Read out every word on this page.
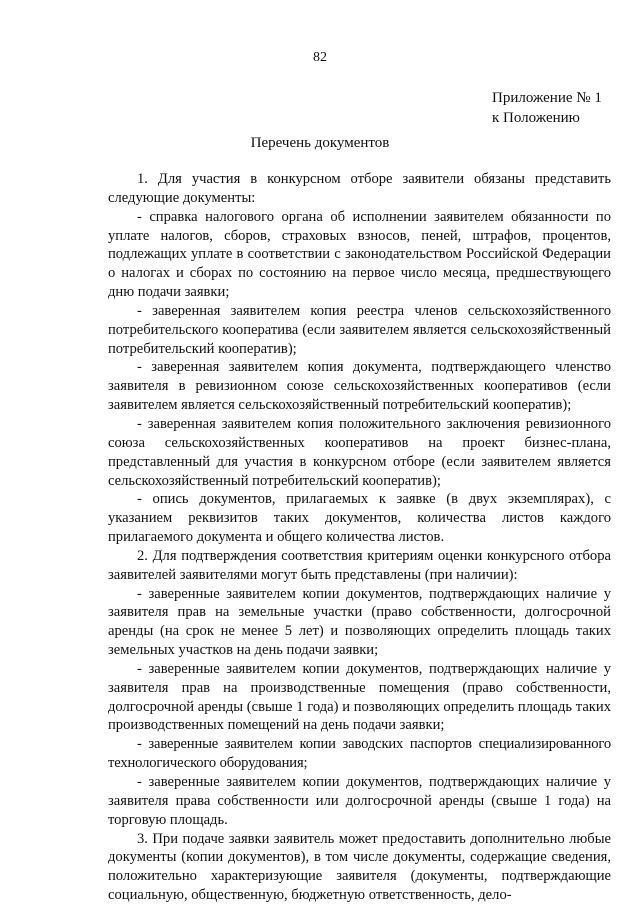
82
Приложение № 1
к Положению
Перечень документов

1. Для участия в конкурсном отборе заявители обязаны представить следующие документы:

- справка налогового органа об исполнении заявителем обязанности по уплате налогов, сборов, страховых взносов, пеней, штрафов, процентов, подлежащих уплате в соответствии с законодательством Российской Федерации о налогах и сборах по состоянию на первое число месяца, предшествующего дню подачи заявки;

- заверенная заявителем копия реестра членов сельскохозяйственного потребительского кооператива (если заявителем является сельскохозяйственный потребительский кооператив);

- заверенная заявителем копия документа, подтверждающего членство заявителя в ревизионном союзе сельскохозяйственных кооперативов (если заявителем является сельскохозяйственный потребительский кооператив);

- заверенная заявителем копия положительного заключения ревизионного союза сельскохозяйственных кооперативов на проект бизнес-плана, представленный для участия в конкурсном отборе (если заявителем является сельскохозяйственный потребительский кооператив);

- опись документов, прилагаемых к заявке (в двух экземплярах), с указанием реквизитов таких документов, количества листов каждого прилагаемого документа и общего количества листов.

2. Для подтверждения соответствия критериям оценки конкурсного отбора заявителей заявителями могут быть представлены (при наличии):

- заверенные заявителем копии документов, подтверждающих наличие у заявителя прав на земельные участки (право собственности, долгосрочной аренды (на срок не менее 5 лет) и позволяющих определить площадь таких земельных участков на день подачи заявки;

- заверенные заявителем копии документов, подтверждающих наличие у заявителя прав на производственные помещения (право собственности, долгосрочной аренды (свыше 1 года) и позволяющих определить площадь таких производственных помещений на день подачи заявки;

- заверенные заявителем копии заводских паспортов специализированного технологического оборудования;

- заверенные заявителем копии документов, подтверждающих наличие у заявителя права собственности или долгосрочной аренды (свыше 1 года) на торговую площадь.

3. При подаче заявки заявитель может предоставить дополнительно любые документы (копии документов), в том числе документы, содержащие сведения, положительно характеризующие заявителя (документы, подтверждающие социальную, общественную, бюджетную ответственность, дело-
